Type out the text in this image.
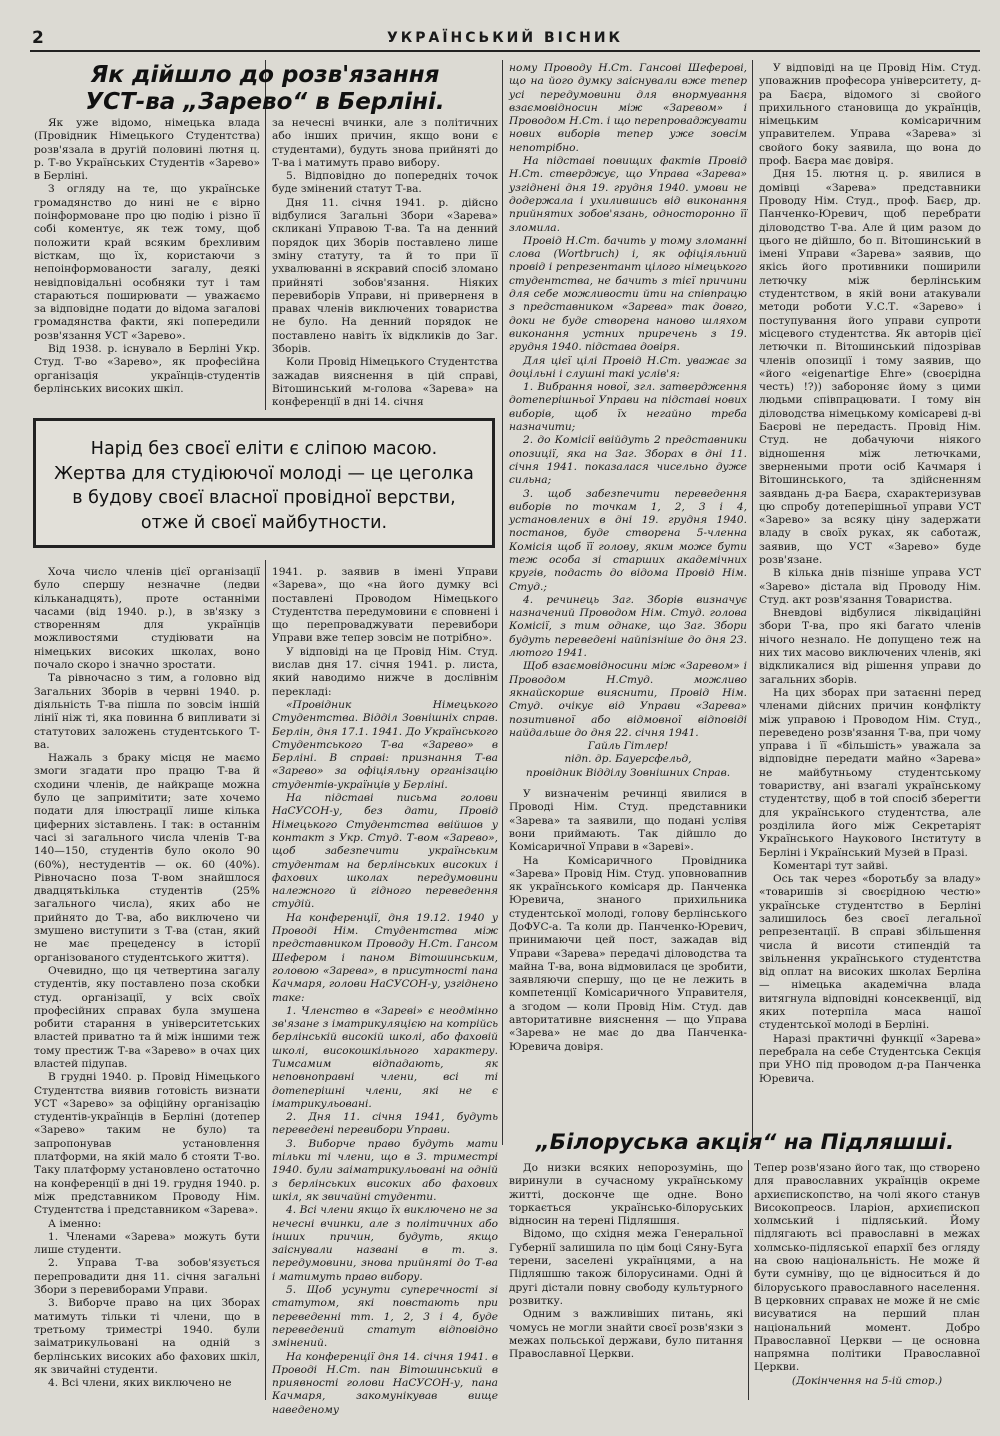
2	УКРАЇНСЬКИЙ ВІСНИК
Як дійшло до розв'язання
УСТ-ва „Зарево“ в Берліні.

Як уже відомо, німецька влада (Провідник Німецького Студентства) розв'язала в другій половині лютня ц. р. Т-во Українських Студентів «Зарево» в Берліні.

З огляду на те, що українське громадянство до нині не є вірно поінформоване про цю подію і різно її собі коментує, як теж тому, щоб положити край всяким брехливим вісткам, що їх, користаючи з непоінформованости загалу, деякі невідповідальні особняки тут і там стараються поширювати — уважаємо за відповідне подати до відома загалові громадянства факти, які попередили розв'язання УСТ «Зарево».

Від 1938. р. існувало в Берліні Укр. Студ. Т-во «Зарево», як професійна організація українців-студентів берлінських високих шкіл.

за нечесні вчинки, але з політичних або інших причин, якщо вони є студентами), будуть знова прийняті до Т-ва і матимуть право вибору.

5. Відповідно до попередніх точок буде змінений статут Т-ва.

Дня 11. січня 1941. р. дійсно відбулися Загальні Збори «Зарева» скликані Управою Т-ва. Та на денний порядок цих Зборів поставлено лише зміну статуту, та й то при її ухвалюванні в яскравий спосіб зломано прийняті зобов'язання. Ніяких перевиборів Управи, ні приверненя в правах членів виключених товариства не було. На денний порядок не поставлено навіть їх відкликів до Заг. Зборів.

Коли Провід Німецького Студентства зажадав вияснення в цій справі, Вітошинський м-голова «Зарева» на конференції в дні 14. січня

Нарід без своєї еліти є сліпою масою.
Жертва для студіюючої молоді — це цеголка
в будову своєї власної провідної верстви,
отже й своєї майбутности.

Хоча число членів цієї організації було спершу незначне (ледви кільканадцять), проте останніми часами (від 1940. р.), в зв'язку з створенням для українців можливостями студіювати на німецьких високих школах, воно почало скоро і значно зростати.

Та рівночасно з тим, а головно від Загальних Зборів в червні 1940. р. діяльність Т-ва пішла по зовсім іншій лінії ніж ті, яка повинна б випливати зі статутових заложень студентського Т-ва.

Нажаль з браку місця не маємо змоги згадати про працю Т-ва й сходини членів, де найкраще можна було це запримітити; зате хочемо подати для ілюстрації лише кілька циферних зіставлень. І так: в останнім часі зі загального числа членів Т-ва 140—150, студентів було около 90 (60%), нестудентів — ок. 60 (40%). Рівночасно поза Т-вом знайшлося двадцятьkількa студентів (25% загального числа), яких або не прийнято до Т-ва, або виключено чи змушено виступити з Т-ва (стан, який не має прецеденсу в історії організованого студентського життя).

Очевидно, що ця четвертина загалу студентів, яку поставлено поза скобки студ. організації, у всіх своїх професійних справах була змушена робити старання в університетських властей приватно та й між іншими теж тому престиж Т-ва «Зарево» в очах цих властей підупав.

В грудні 1940. р. Провід Німецького Студентства виявив готовість визнати УСТ «Зарево» за офіційну організацію студентів-українців в Берліні (дотепер «Зарево» таким не було) та запропонував установлення платформи, на якій мало б стояти Т-во. Таку платформу установлено остаточно на конференції в дні 19. грудня 1940. р. між представником Проводу Нім. Студентства і представником «Зарева».

А іменно:

1. Членами «Зарева» можуть бути лише студенти.

2. Управа Т-ва зобов'язується перепровадити дня 11. січня загальні Збори з перевиборами Управи.

3. Виборче право на цих Зборах матимуть тільки ті члени, що в третьому триместрі 1940. були заіматрикульовані на одній з берлінських високих або фахових шкіл, як звичайні студенти.

4. Всі члени, яких виключено не

1941. р. заявив в імені Управи «Зарева», що «на його думку всі поставлені Проводом Німецького Студентства передумовини є сповнені і що перепроваджувати перевибори Управи вже тепер зовсім не потрібно».

У відповіді на це Провід Нім. Студ. вислав дня 17. січня 1941. р. листа, який наводимо нижче в дослівнім перекладі:

«Провідник Німецького Студентства. Відділ Зовнішніх справ. Берлін, дня 17.1. 1941. До Українського Студентського Т-ва «Зарево» в Берліні. В справі: признання Т-ва «Зарево» за офіціяльну організацію студентів-українців у Берліні.

На підставі письма голови НаСУСОН-у, без дати, Провід Німецького Студентства ввійшов у контакт з Укр. Студ. Т-вом «Зарево», щоб забезпечити українським студентам на берлінських високих і фахових школах передумовини належного й гідного переведення студій.

На конференції, дня 19.12. 1940 у Проводі Нім. Студентства між представником Проводу Н.Ст. Гансом Шефером і паном Вітошинським, головою «Зарева», в присутності пана Качмаря, голови НаСУСОН-у, узгіднено таке:

1. Членство в «Зареві» є неодмінно зв'язане з іматрикуляцією на котрійсь берлінській високій школі, або фаховій школі, високошкільного характеру. Тимсамим відпадають, як неповноправні члени, всі ті дотеперішні члени, які не є іматрикульовані.

2. Дня 11. січня 1941, будуть переведені перевибори Управи.

3. Виборче право будуть мати тільки ті члени, що в 3. триместрі 1940. були заіматрикульовані на одній з берлінських високих або фахових шкіл, як звичайні студенти.

4. Всі члени якщо їх виключено не за нечесні вчинки, але з політичних або інших причин, будуть, якщо заіснували названі в т. з. передумовини, знова прийняті до Т-ва і матимуть право вибору.

5. Щоб усунути суперечності зі статутом, які повстають при переведенні тт. 1, 2, 3 і 4, буде переведений статут відповідно змінений.

На конференції дня 14. січня 1941. в Проводі Н.Ст. пан Вітошинський в приявності голови НаСУСОН-у, пана Качмаря, закомунікував вище наведеному

ному Проводу Н.Ст. Гансові Шеферові, що на його думку заіснували вже тепер усі передумовини для внормування взаємовідносин між «Заревом» і Проводом Н.Ст. і що перепроваджувати нових виборів тепер уже зовсім непотрібно.

На підставі повищих фактів Провід Н.Ст. стверджує, що Управа «Зарева» узгіднені дня 19. грудня 1940. умови не додержала і ухилившись від виконання прийнятих зобов'язань, односторонно її зломила.

Провід Н.Ст. бачить у тому зломанні слова (Wortbruch) і, як офіціяльний провід і репрезентант цілого німецького студентства, не бачить з тієї причини для себе можливости йти на співпрацю з представником «Зарева» так довго, доки не буде створена наново шляхом виконання устних приречень з 19. грудня 1940. підстава довіря.

Для цієї цілі Провід Н.Ст. уважає за доцільні і слушні такі услів'я:

1. Вибрання нової, згл. затвердження дотеперішньої Управи на підставі нових виборів, щоб їх негайно треба назначити;

2. до Комісії ввійдуть 2 представники опозиції, яка на Заг. Зборах в дні 11. січня 1941. показалася чисельно дуже сильна;

3. щоб забезпечити переведення виборів по точкам 1, 2, 3 і 4, установлених в дні 19. грудня 1940. постанов, буде створена 5-членна Комісія щоб її голову, яким може бути теж особа зі старших академічних кругів, подасть до відома Провід Нім. Студ.;

4. речинець Заг. Зборів визначує назначений Проводом Нім. Студ. голова Комісії, з тим однаке, що Заг. Збори будуть переведені найпізніше до дня 23. лютого 1941.

Щоб взаємовідносини між «Заревом» і Проводом Н.Студ. можливо якнайскорше вияснити, Провід Нім. Студ. очікує від Управи «Зарева» позитивної або відмовної відповіді найдальше до дня 22. січня 1941.

Гайль Гітлер!

підп. др. Бауерсфельд,

провідник Відділу Зовнішних Справ.

У визначенім речинці явилися в Проводі Нім. Студ. представники «Зарева» та заявили, що подані услівя вони приймають. Так дійшло до Комісаричної Управи в «Зареві».

На Комісаричного Провідника «Зарева» Провід Нім. Студ. уповновапнив як українського комісаря др. Панченка Юревича, знаного прихильника студентської молоді, голову берлінського ДоФУС-а. Та коли др. Панченко-Юревич, принимаючи цей пост, зажадав від Управи «Зарева» передачі діловодства та майна Т-ва, вона відмовилася це зробити, заявляючи спершу, що це не лежить в компетенції Комісаричного Управителя, а згодом — коли Провід Нім. Студ. дав авторитативне вияснення — що Управа «Зарева» не має до два Панченка-Юревича довіря.

У відповіді на це Провід Нім. Студ. уповажнив професора університету, д-ра Баєра, відомого зі свойого прихильного становища до українців, німецьким комісаричним управителем. Управа «Зарева» зі свойого боку заявила, що вона до проф. Баєра має довіря.

Дня 15. лютня ц. р. явилися в домівці «Зарева» представники Проводу Нім. Студ., проф. Баєр, др. Панченко-Юревич, щоб перебрати діловодство Т-ва. Але й цим разом до цього не дійшло, бо п. Вітошинський в імені Управи «Зарева» заявив, що якісь його противники поширили летючку між берлінським студентством, в якій вони атакували методи роботи У.С.Т. «Зарево» і поступування його управи супроти місцевого студентства. Як авторів цієї летючки п. Вітошинський підозрівав членів опозиції і тому заявив, що «його «eigenartige Ehre» (своєрідна честь) !?)) забороняє йому з цими людьми співпрацювати. І тому він діловодства німецькому комісареві д-ві Баєрові не передасть. Провід Нім. Студ. не добачуючи ніякого відношення між летючками, звернеными проти осіб Качмаря і Вітошинського, та здійсненням заявдань д-ра Баєра, схарактеризував цю спробу дотеперішньої управи УСТ «Зарево» за всяку ціну задержати владу в своїх руках, як саботаж, заявив, що УСТ «Зарево» буде розв'язане.

В кілька днів пізніше управа УСТ «Зарево» дістала від Проводу Нім. Студ. акт розв'язання Товариства.

Вневдові відбулися ліквідаційні збори Т-ва, про які багато членів нічого незнало. Не допущено теж на них тих масово виключених членів, які відкликалися від рішення управи до загальних зборів.

На цих зборах при затаєнні перед членами дійсних причин конфлікту між управою і Проводом Нім. Студ., переведено розв'язання Т-ва, при чому управа і її «більшість» уважала за відповідне передати майно «Зарева» не майбутньому студентському товариству, ані взагалі українському студентству, щоб в той спосіб зберегти для українського студентства, але розділила його між Секретаріят Українського Наукового Інституту в Берліні і Український Музей в Празі.

Коментарі тут зайві.

Ось так через «боротьбу за владу» «товаришів зі своєрідною честю» українське студентство в Берліні залишилось без своєї легальної репрезентації. В справі збільшення числа й висоти стипендій та звільнення українського студентства від оплат на високих школах Берліна — німецька академічна влада витягнула відповідні консеквенції, від яких потерпіла маса нашої студентської молоді в Берліні.

Наразі практичні функції «Зарева» перебрала на себе Студентська Секція при УНО під проводом д-ра Панченка Юревича.

„Білоруська акція“ на Підляшші.

До низки всяких непорозумінь, що виринули в сучасному українському житті, досконче ще одне. Воно торкається українсько-білоруських відносин на терені Підляшшя.

Відомо, що східня межа Генеральної Губернії залишила по цім боці Сяну-Буга терени, заселені українцями, а на Підляшшю також білорусинами. Одні й другі дістали повну свободу культурного розвитку.

Одним з важливіших питань, які чомусь не могли знайти своєї розв'язки з межах польської держави, було питання Православної Церкви.

Тепер розв'язано його так, що створено для православних українців окреме архиєпископство, на чолі якого станув Високопреосв. Іларіон, архиєпископ холмський і підляський. Йому підлягають всі православні в межах холмсько-підляської епархії без огляду на свою національність. Не може й бути сумніву, що це відноситься й до білоруського православного населення. В церковних справах не може й не сміє висуватися на перший план національний момент. Добро Православної Церкви — це основна напрямна політики Православної Церкви.

(Докінчення на 5-ій стор.)
